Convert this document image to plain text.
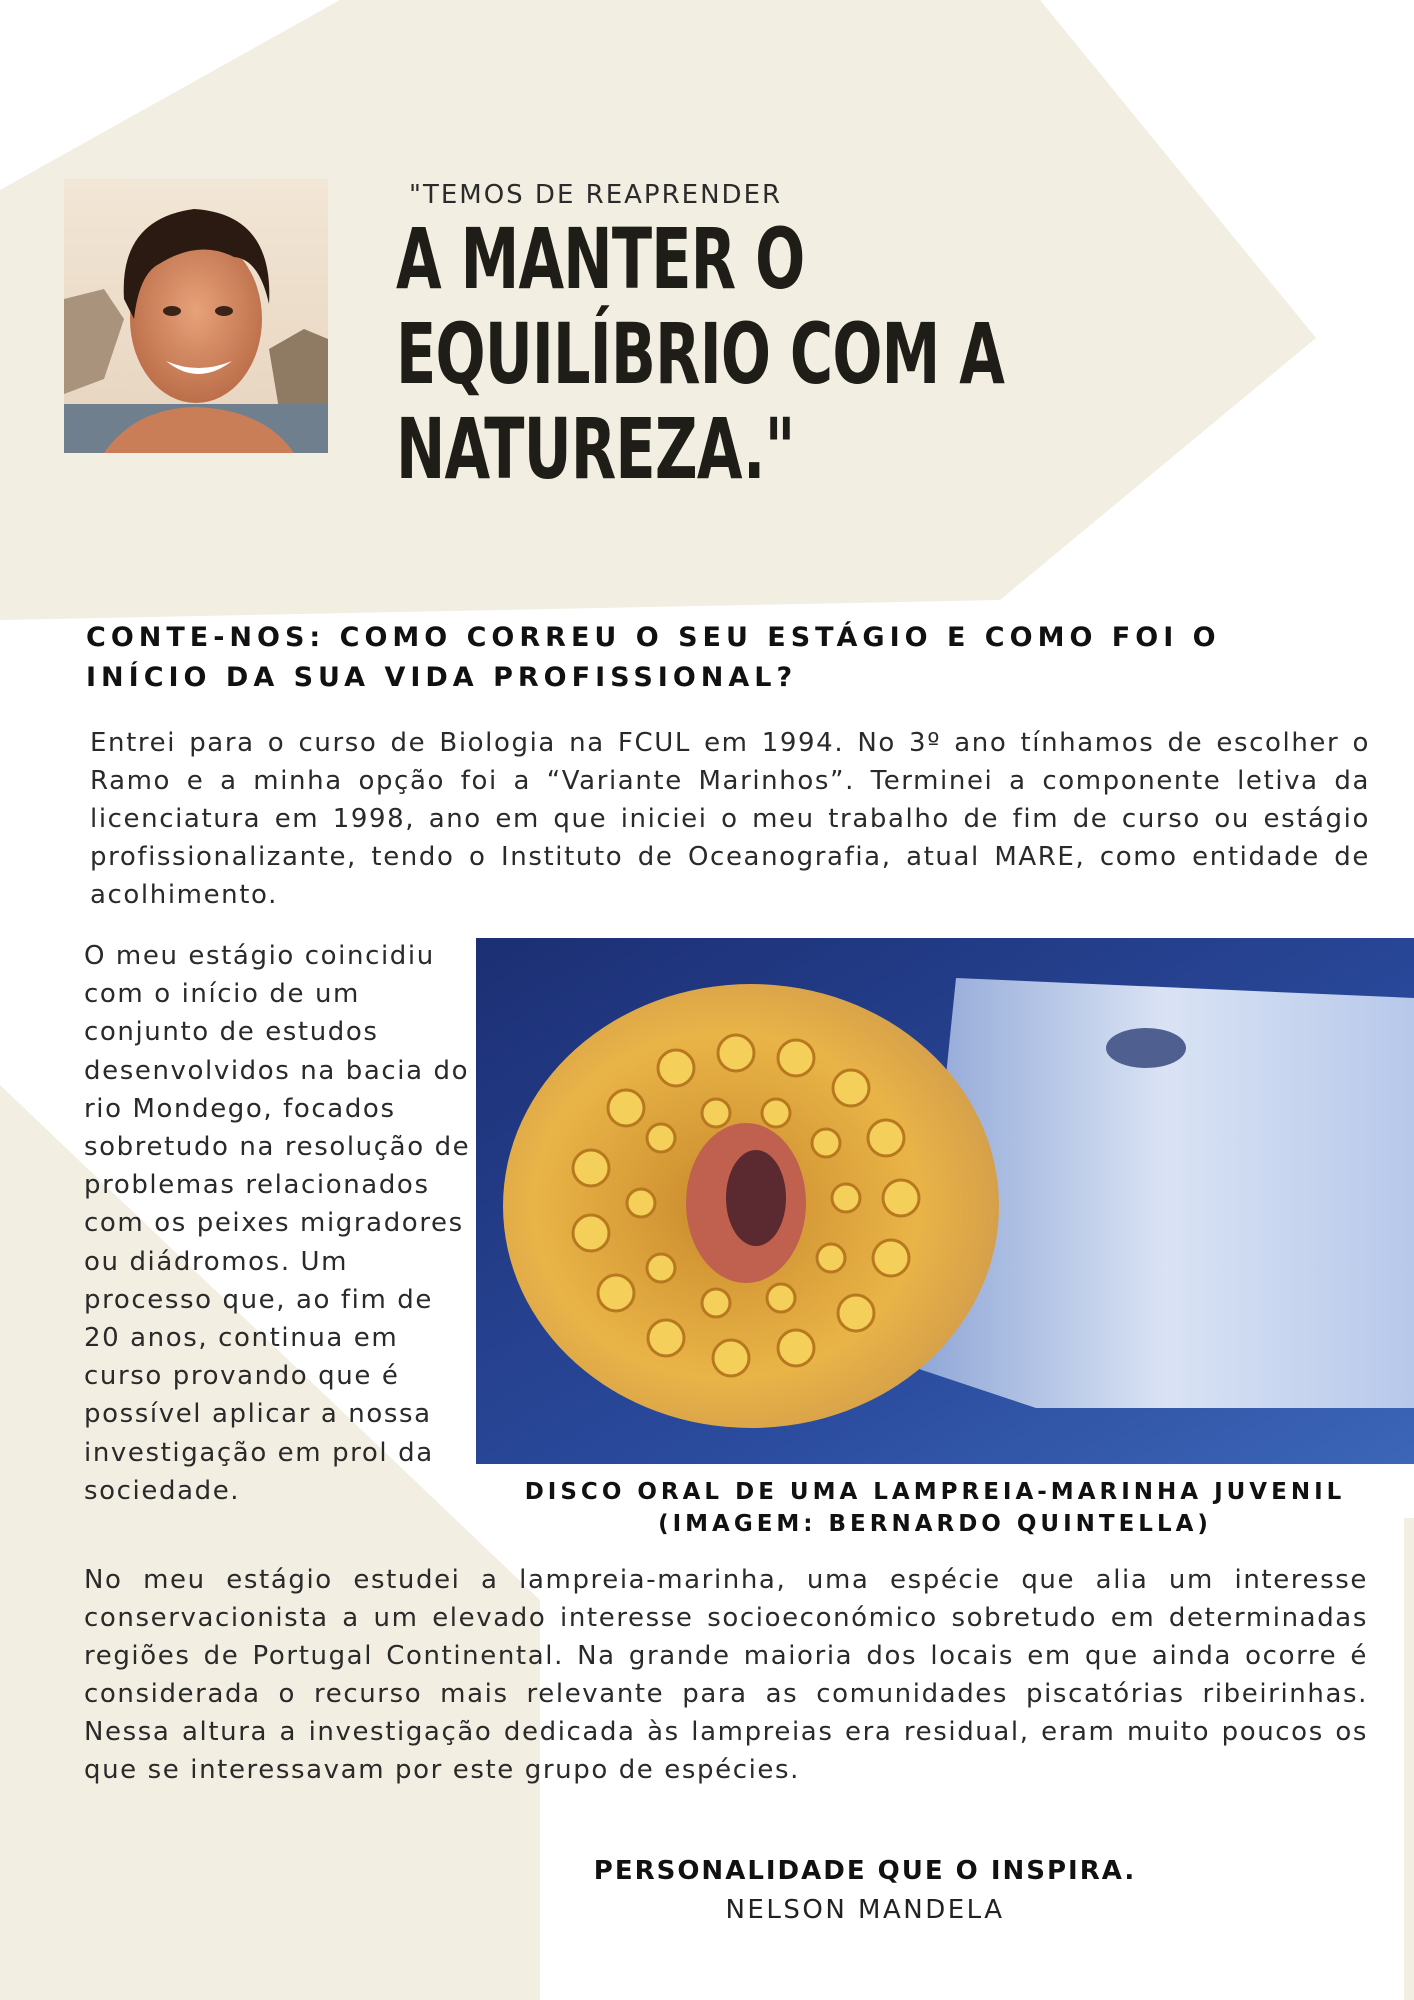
"TEMOS DE REAPRENDER
A MANTER O EQUILÍBRIO COM A NATUREZA."
CONTE-NOS: COMO CORREU O SEU ESTÁGIO E COMO FOI O INÍCIO DA SUA VIDA PROFISSIONAL?
Entrei para o curso de Biologia na FCUL em 1994. No 3º ano tínhamos de escolher o Ramo e a minha opção foi a “Variante Marinhos”. Terminei a componente letiva da licenciatura em 1998, ano em que iniciei o meu trabalho de fim de curso ou estágio profissionalizante, tendo o Instituto de Oceanografia, atual MARE, como entidade de acolhimento.
O meu estágio coincidiu com o início de um conjunto de estudos desenvolvidos na bacia do rio Mondego, focados sobretudo na resolução de problemas relacionados com os peixes migradores ou diádromos. Um processo que, ao fim de 20 anos, continua em curso provando que é possível aplicar a nossa investigação em prol da sociedade.	DISCO ORAL DE UMA LAMPREIA-MARINHA JUVENIL
(IMAGEM: BERNARDO QUINTELLA)
No meu estágio estudei a lampreia-marinha, uma espécie que alia um interesse conservacionista a um elevado interesse socioeconómico sobretudo em determinadas regiões de Portugal Continental. Na grande maioria dos locais em que ainda ocorre é considerada o recurso mais relevante para as comunidades piscatórias ribeirinhas. Nessa altura a investigação dedicada às lampreias era residual, eram muito poucos os que se interessavam por este grupo de espécies.
PERSONALIDADE QUE O INSPIRA.
NELSON MANDELA
